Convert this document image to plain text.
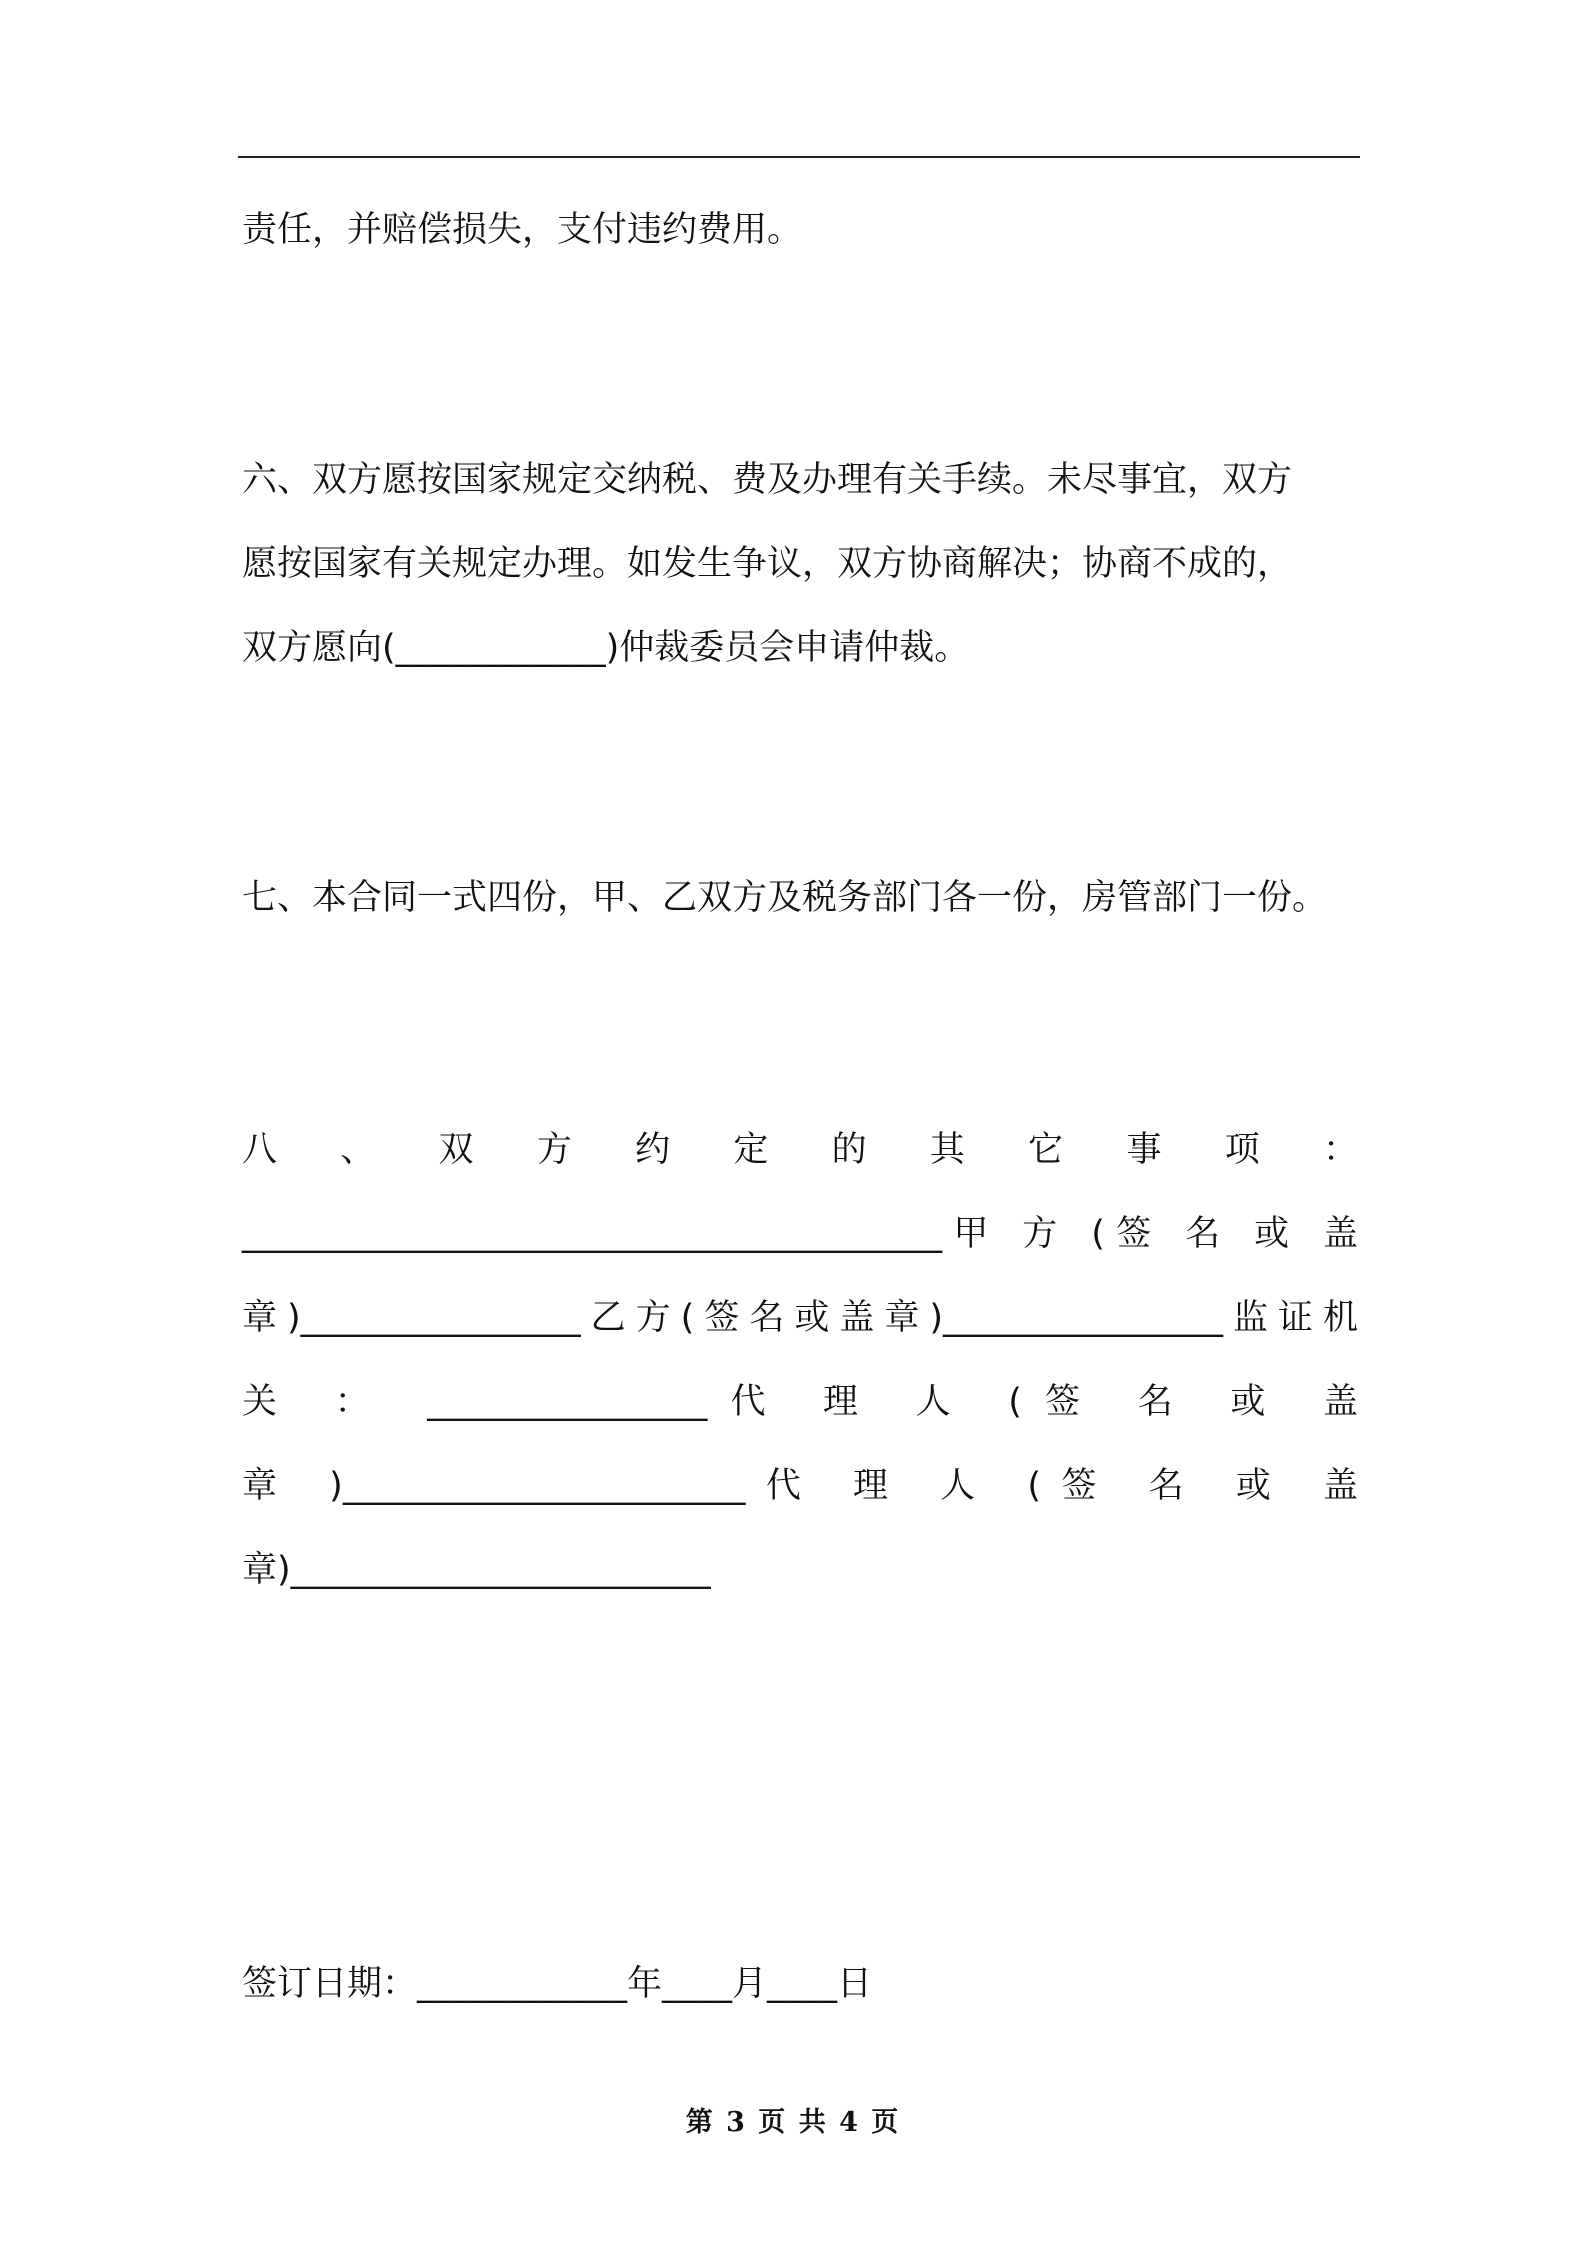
责任，并赔偿损失，支付违约费用。

六、双方愿按国家规定交纳税、费及办理有关手续。未尽事宜，双方
愿按国家有关规定办理。如发生争议，双方协商解决；协商不成的，
双方愿向(____________)仲裁委员会申请仲裁。

七、本合同一式四份，甲、乙双方及税务部门各一份，房管部门一份。

八 、 双 方 约 定 的 其 它 事 项 ：
________________________________________甲 方 (签 名 或 盖
章)________________乙方(签名或盖章)________________监证机
关 ： ________________代 理 人 (签 名 或 盖
章 )_______________________代 理 人 (签 名 或 盖
章)________________________

签订日期：____________年____月____日

第 3 页 共 4 页
